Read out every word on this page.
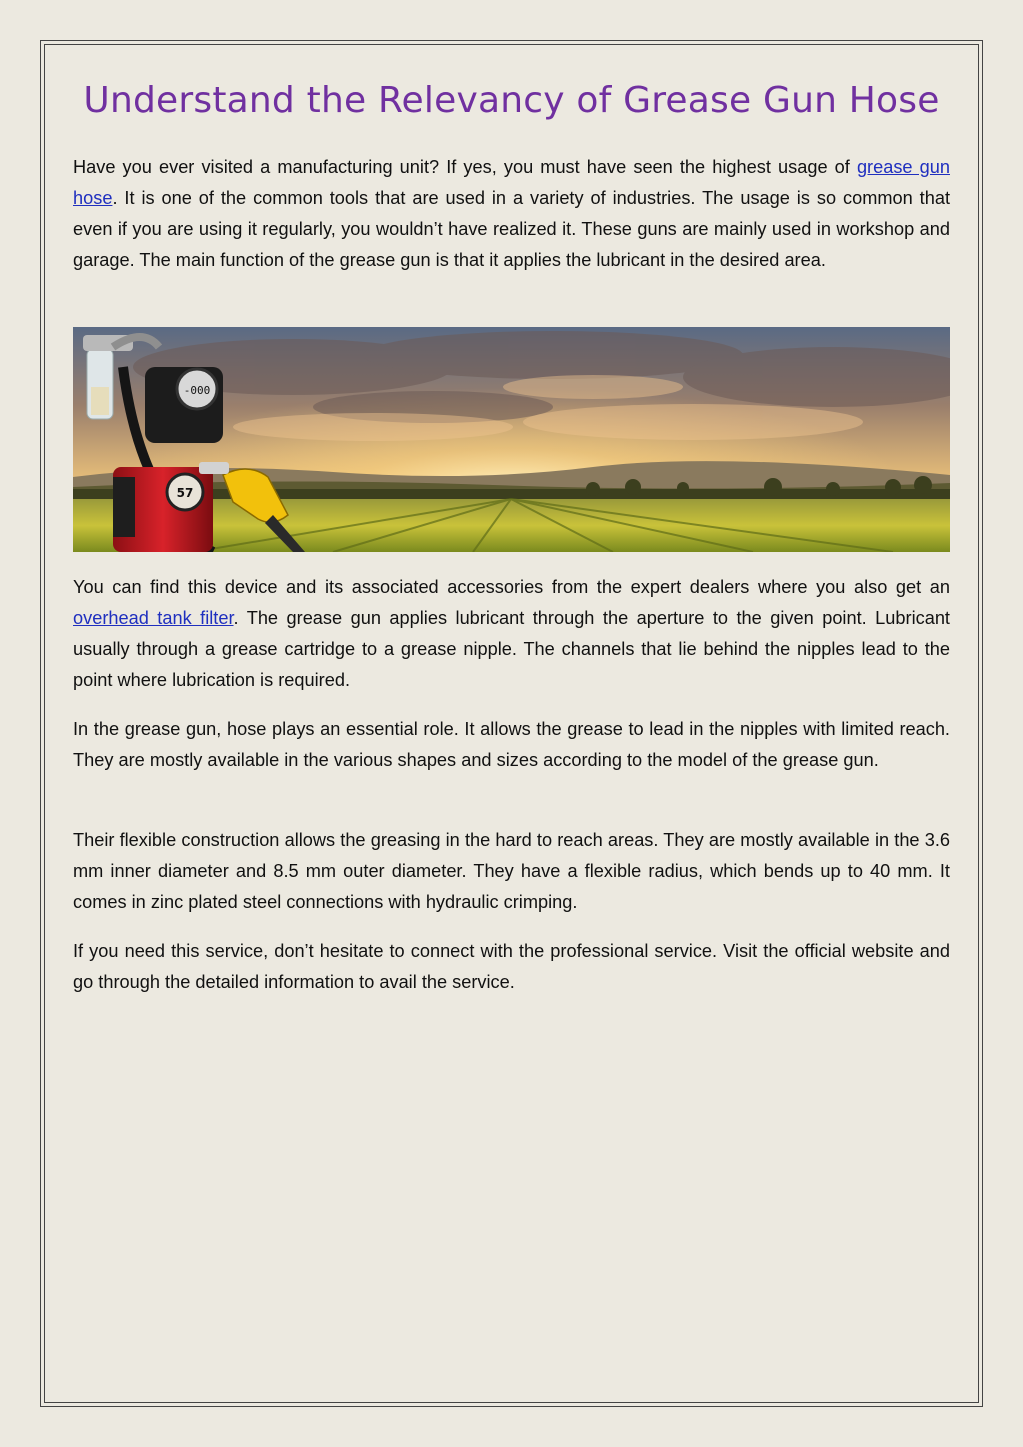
Understand the Relevancy of Grease Gun Hose

Have you ever visited a manufacturing unit? If yes, you must have seen the highest usage of grease gun hose. It is one of the common tools that are used in a variety of industries. The usage is so common that even if you are using it regularly, you wouldn’t have realized it. These guns are mainly used in workshop and garage. The main function of the grease gun is that it applies the lubricant in the desired area.

-000
57

You can find this device and its associated accessories from the expert dealers where you also get an overhead tank filter. The grease gun applies lubricant through the aperture to the given point. Lubricant usually through a grease cartridge to a grease nipple. The channels that lie behind the nipples lead to the point where lubrication is required.

In the grease gun, hose plays an essential role. It allows the grease to lead in the nipples with limited reach. They are mostly available in the various shapes and sizes according to the model of the grease gun.

Their flexible construction allows the greasing in the hard to reach areas. They are mostly available in the 3.6 mm inner diameter and 8.5 mm outer diameter. They have a flexible radius, which bends up to 40 mm. It comes in zinc plated steel connections with hydraulic crimping.

If you need this service, don’t hesitate to connect with the professional service. Visit the official website and go through the detailed information to avail the service.
